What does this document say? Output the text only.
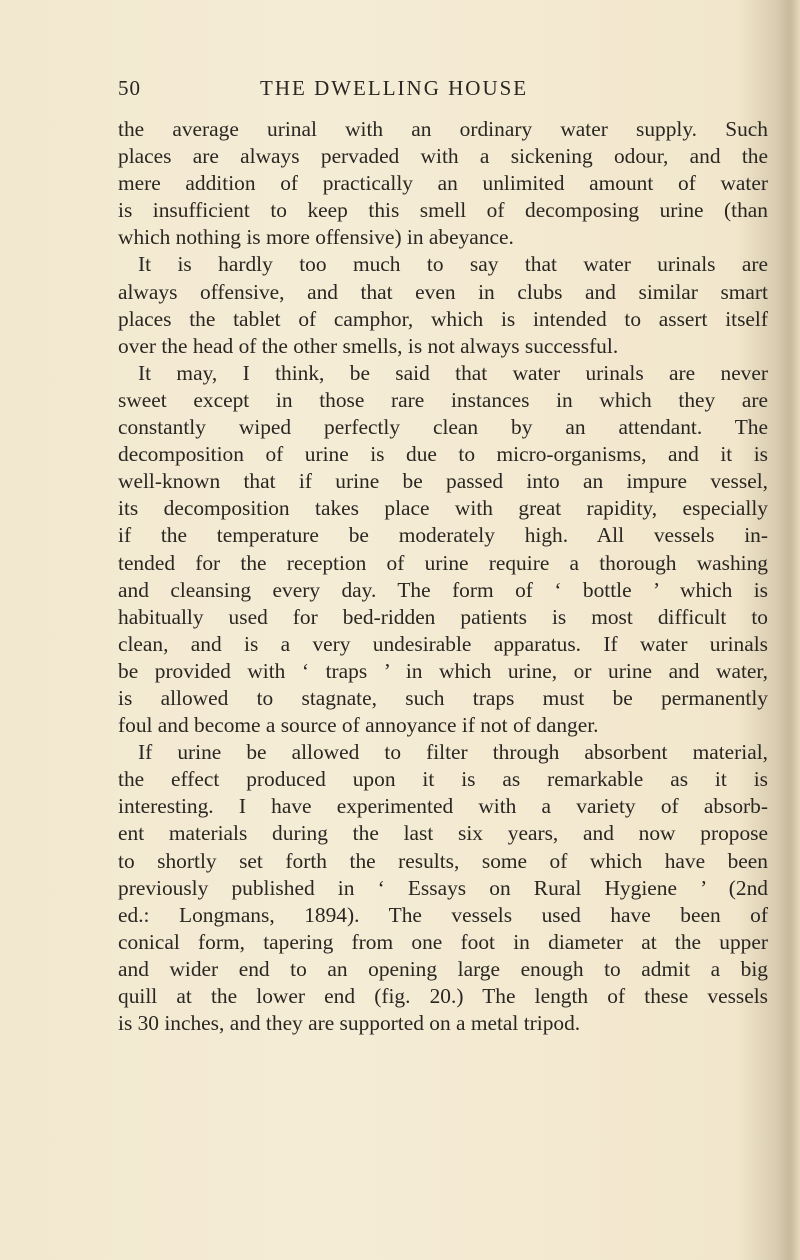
50	THE DWELLING HOUSE
the average urinal with an ordinary water supply. Such
places are always pervaded with a sickening odour, and the
mere addition of practically an unlimited amount of water
is insufficient to keep this smell of decomposing urine (than
which nothing is more offensive) in abeyance.
It is hardly too much to say that water urinals are
always offensive, and that even in clubs and similar smart
places the tablet of camphor, which is intended to assert itself
over the head of the other smells, is not always successful.
It may, I think, be said that water urinals are never
sweet except in those rare instances in which they are
constantly wiped perfectly clean by an attendant. The
decomposition of urine is due to micro-organisms, and it is
well-known that if urine be passed into an impure vessel,
its decomposition takes place with great rapidity, especially
if the temperature be moderately high. All vessels in-
tended for the reception of urine require a thorough washing
and cleansing every day. The form of ‘ bottle ’ which is
habitually used for bed-ridden patients is most difficult to
clean, and is a very undesirable apparatus. If water urinals
be provided with ‘ traps ’ in which urine, or urine and water,
is allowed to stagnate, such traps must be permanently
foul and become a source of annoyance if not of danger.
If urine be allowed to filter through absorbent material,
the effect produced upon it is as remarkable as it is
interesting. I have experimented with a variety of absorb-
ent materials during the last six years, and now propose
to shortly set forth the results, some of which have been
previously published in ‘ Essays on Rural Hygiene ’ (2nd
ed.: Longmans, 1894). The vessels used have been of
conical form, tapering from one foot in diameter at the upper
and wider end to an opening large enough to admit a big
quill at the lower end (fig. 20.) The length of these vessels
is 30 inches, and they are supported on a metal tripod.
